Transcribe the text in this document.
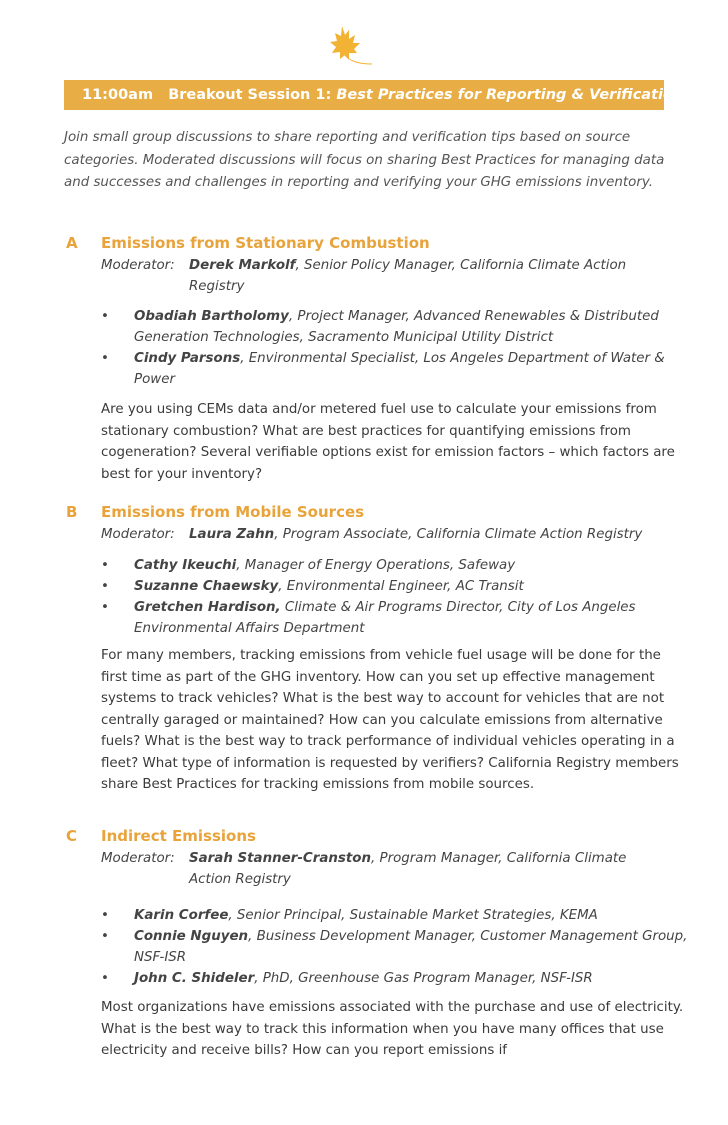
11:00am Breakout Session 1: Best Practices for Reporting & Verification
Join small group discussions to share reporting and verification tips based on source categories. Moderated discussions will focus on sharing Best Practices for managing data and successes and challenges in reporting and verifying your GHG emissions inventory.
A Emissions from Stationary Combustion
Moderator: Derek Markolf, Senior Policy Manager, California Climate Action
Registry
• Obadiah Bartholomy, Project Manager, Advanced Renewables & Distributed Generation Technologies, Sacramento Municipal Utility District
• Cindy Parsons, Environmental Specialist, Los Angeles Department of Water & Power
Are you using CEMs data and/or metered fuel use to calculate your emissions from stationary combustion? What are best practices for quantifying emissions from cogeneration? Several verifiable options exist for emission factors – which factors are best for your inventory?
B Emissions from Mobile Sources
Moderator: Laura Zahn, Program Associate, California Climate Action Registry
• Cathy Ikeuchi, Manager of Energy Operations, Safeway
• Suzanne Chaewsky, Environmental Engineer, AC Transit
• Gretchen Hardison, Climate & Air Programs Director, City of Los Angeles Environmental Affairs Department
For many members, tracking emissions from vehicle fuel usage will be done for the first time as part of the GHG inventory. How can you set up effective management systems to track vehicles? What is the best way to account for vehicles that are not centrally garaged or maintained? How can you calculate emissions from alternative fuels? What is the best way to track performance of individual vehicles operating in a fleet? What type of information is requested by verifiers? California Registry members share Best Practices for tracking emissions from mobile sources.
C Indirect Emissions
Moderator: Sarah Stanner-Cranston, Program Manager, California Climate
Action Registry
• Karin Corfee, Senior Principal, Sustainable Market Strategies, KEMA
• Connie Nguyen, Business Development Manager, Customer Management Group, NSF-ISR
• John C. Shideler, PhD, Greenhouse Gas Program Manager, NSF-ISR
Most organizations have emissions associated with the purchase and use of electricity. What is the best way to track this information when you have many offices that use electricity and receive bills? How can you report emissions if
